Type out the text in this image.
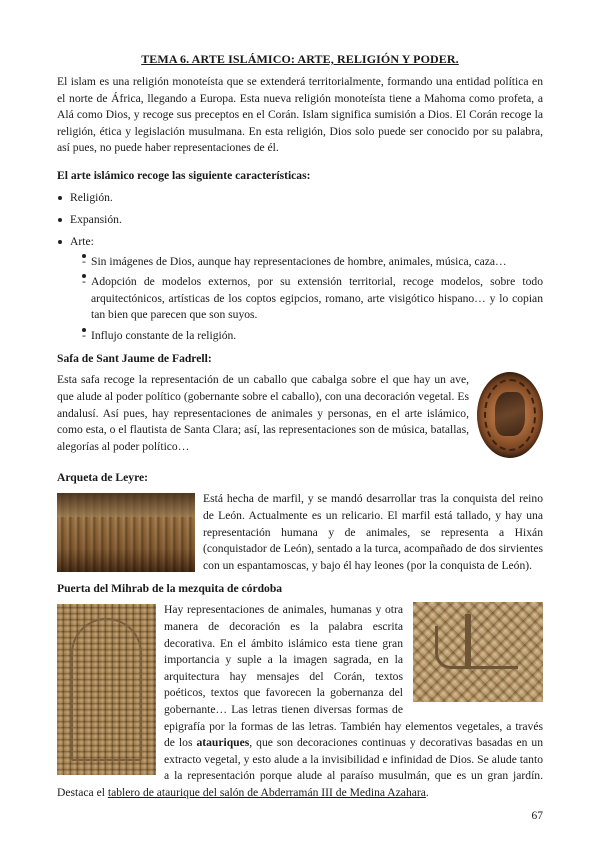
TEMA 6. ARTE ISLÁMICO: ARTE, RELIGIÓN Y PODER.

El islam es una religión monoteísta que se extenderá territorialmente, formando una entidad política en el norte de África, llegando a Europa. Esta nueva religión monoteísta tiene a Mahoma como profeta, a Alá como Dios, y recoge sus preceptos en el Corán. Islam significa sumisión a Dios. El Corán recoge la religión, ética y legislación musulmana. En esta religión, Dios solo puede ser conocido por su palabra, así pues, no puede haber representaciones de él.

El arte islámico recoge las siguiente características:
Religión.
Expansión.
Arte:
- Sin imágenes de Dios, aunque hay representaciones de hombre, animales, música, caza…
- Adopción de modelos externos, por su extensión territorial, recoge modelos, sobre todo arquitectónicos, artísticas de los coptos egipcios, romano, arte visigótico hispano… y lo copian tan bien que parecen que son suyos.
- Influjo constante de la religión.
Safa de Sant Jaume de Fadrell:

Esta safa recoge la representación de un caballo que cabalga sobre el que hay un ave, que alude al poder político (gobernante sobre el caballo), con una decoración vegetal. Es andalusí. Así pues, hay representaciones de animales y personas, en el arte islámico, como esta, o el flautista de Santa Clara; así, las representaciones son de música, batallas, alegorías al poder político…

Arqueta de Leyre:

Está hecha de marfil, y se mandó desarrollar tras la conquista del reino de León. Actualmente es un relicario. El marfil está tallado, y hay una representación humana y de animales, se representa a Hixán (conquistador de León), sentado a la turca, acompañado de dos sirvientes con un espantamoscas, y bajo él hay leones (por la conquista de León).

Puerta del Mihrab de la mezquita de córdoba

Hay representaciones de animales, humanas y otra manera de decoración es la palabra escrita decorativa. En el ámbito islámico esta tiene gran importancia y suple a la imagen sagrada, en la arquitectura hay mensajes del Corán, textos poéticos, textos que favorecen la gobernanza del gobernante… Las letras tienen diversas formas de epigrafía por la formas de las letras. También hay elementos vegetales, a través de los atauriques, que son decoraciones continuas y decorativas basadas en un extracto vegetal, y esto alude a la invisibilidad e infinidad de Dios. Se alude tanto a la representación porque alude al paraíso musulmán, que es un gran jardín. Destaca el tablero de ataurique del salón de Abderramán III de Medina Azahara.

67
